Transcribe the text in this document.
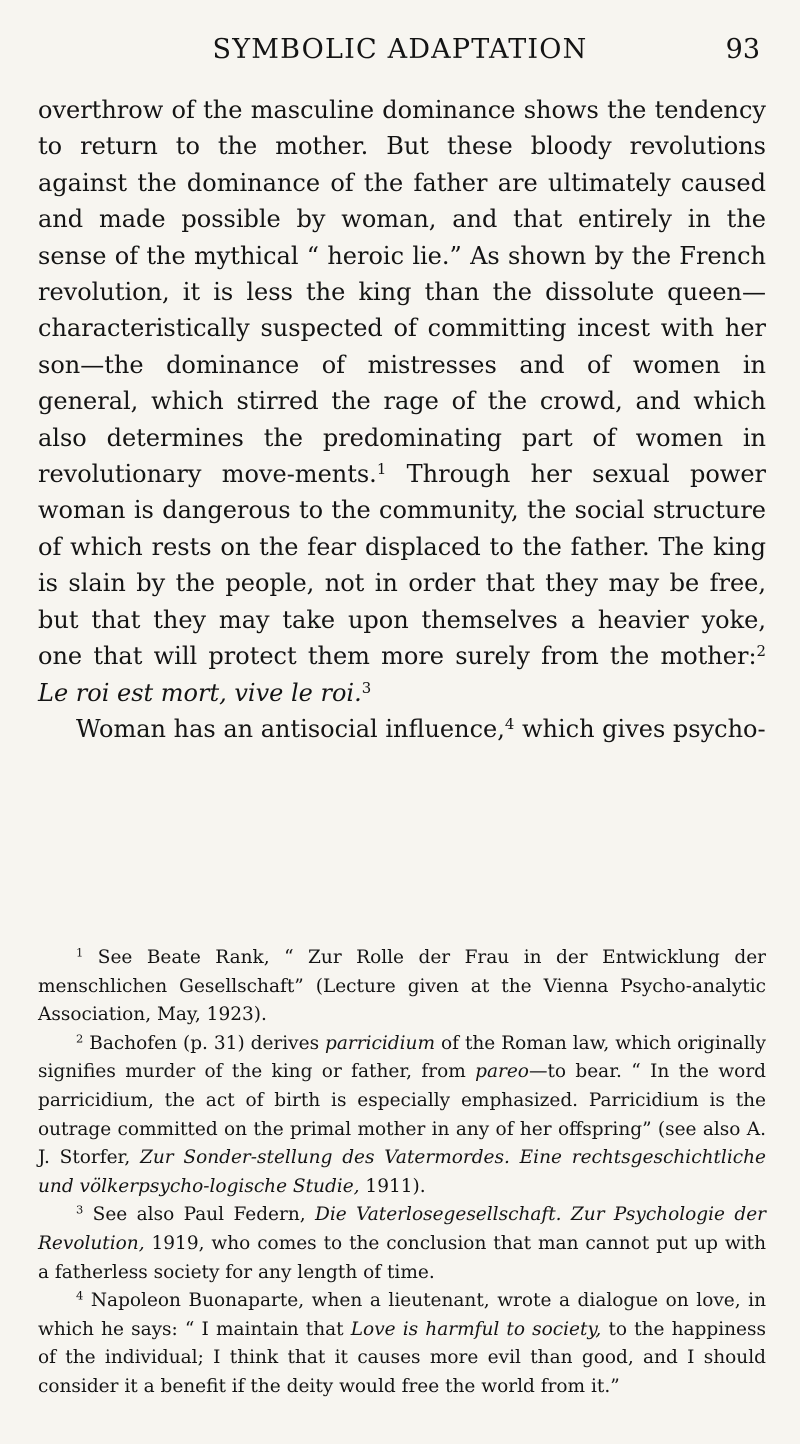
SYMBOLIC ADAPTATION	93

overthrow of the masculine dominance shows the tendency to return to the mother. But these bloody revolutions against the dominance of the father are ultimately caused and made possible by woman, and that entirely in the sense of the mythical “ heroic lie.” As shown by the French revolution, it is less the king than the dissolute queen—characteristically suspected of committing incest with her son—the dominance of mistresses and of women in general, which stirred the rage of the crowd, and which also determines the predominating part of women in revolutionary move-ments.$^1$ Through her sexual power woman is dangerous to the community, the social structure of which rests on the fear displaced to the father. The king is slain by the people, not in order that they may be free, but that they may take upon themselves a heavier yoke, one that will protect them more surely from the mother:$^2$ Le roi est mort, vive le roi.$^3$

Woman has an antisocial influence,$^4$ which gives psycho-

$^1$ See Beate Rank, “ Zur Rolle der Frau in der Entwicklung der menschlichen Gesellschaft” (Lecture given at the Vienna Psycho-analytic Association, May, 1923).

$^2$ Bachofen (p. 31) derives parricidium of the Roman law, which originally signifies murder of the king or father, from pareo—to bear. “ In the word parricidium, the act of birth is especially emphasized. Parricidium is the outrage committed on the primal mother in any of her offspring” (see also A. J. Storfer, Zur Sonder-stellung des Vatermordes. Eine rechtsgeschichtliche und völkerpsycho-logische Studie, 1911).

$^3$ See also Paul Federn, Die Vaterlosegesellschaft. Zur Psychologie der Revolution, 1919, who comes to the conclusion that man cannot put up with a fatherless society for any length of time.

$^4$ Napoleon Buonaparte, when a lieutenant, wrote a dialogue on love, in which he says: “ I maintain that Love is harmful to society, to the happiness of the individual; I think that it causes more evil than good, and I should consider it a benefit if the deity would free the world from it.”
